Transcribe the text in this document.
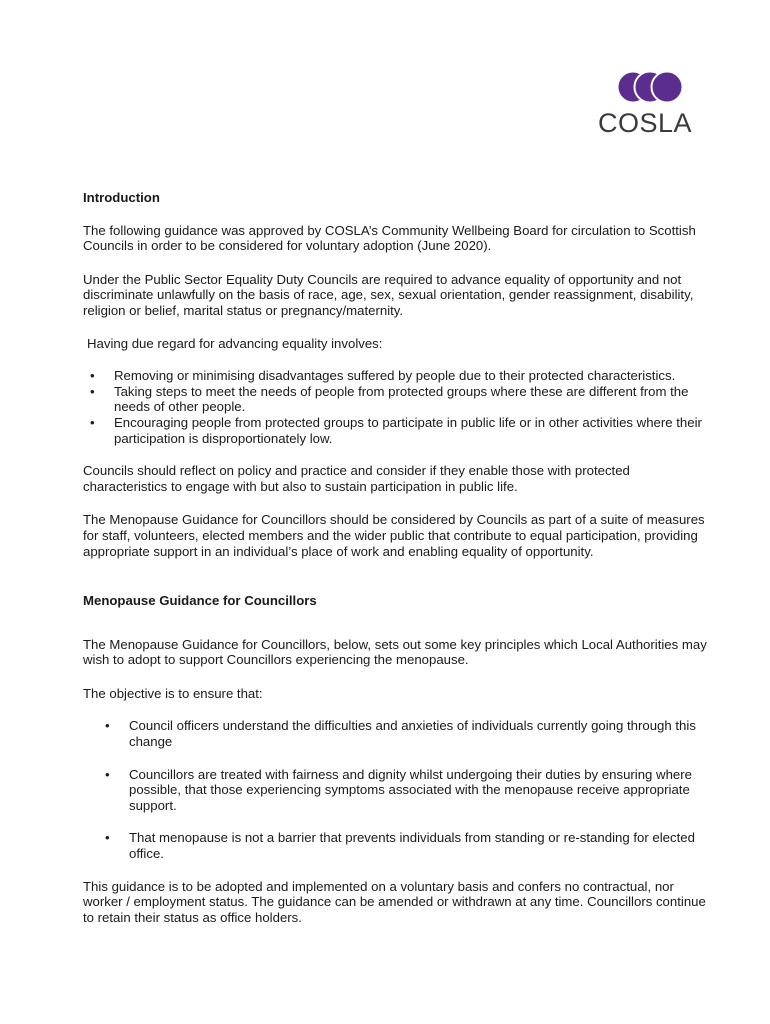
COSLA

Introduction

The following guidance was approved by COSLA’s Community Wellbeing Board for circulation to Scottish Councils in order to be considered for voluntary adoption (June 2020).

Under the Public Sector Equality Duty Councils are required to advance equality of opportunity and not discriminate unlawfully on the basis of race, age, sex, sexual orientation, gender reassignment, disability, religion or belief, marital status or pregnancy/maternity.

Having due regard for advancing equality involves:

• Removing or minimising disadvantages suffered by people due to their protected characteristics.
• Taking steps to meet the needs of people from protected groups where these are different from the needs of other people.
• Encouraging people from protected groups to participate in public life or in other activities where their participation is disproportionately low.

Councils should reflect on policy and practice and consider if they enable those with protected characteristics to engage with but also to sustain participation in public life.

The Menopause Guidance for Councillors should be considered by Councils as part of a suite of measures for staff, volunteers, elected members and the wider public that contribute to equal participation, providing appropriate support in an individual’s place of work and enabling equality of opportunity.

Menopause Guidance for Councillors

The Menopause Guidance for Councillors, below, sets out some key principles which Local Authorities may wish to adopt to support Councillors experiencing the menopause.

The objective is to ensure that:

• Council officers understand the difficulties and anxieties of individuals currently going through this change
• Councillors are treated with fairness and dignity whilst undergoing their duties by ensuring where possible, that those experiencing symptoms associated with the menopause receive appropriate support.
• That menopause is not a barrier that prevents individuals from standing or re-standing for elected office.

This guidance is to be adopted and implemented on a voluntary basis and confers no contractual, nor worker / employment status. The guidance can be amended or withdrawn at any time. Councillors continue to retain their status as office holders.
